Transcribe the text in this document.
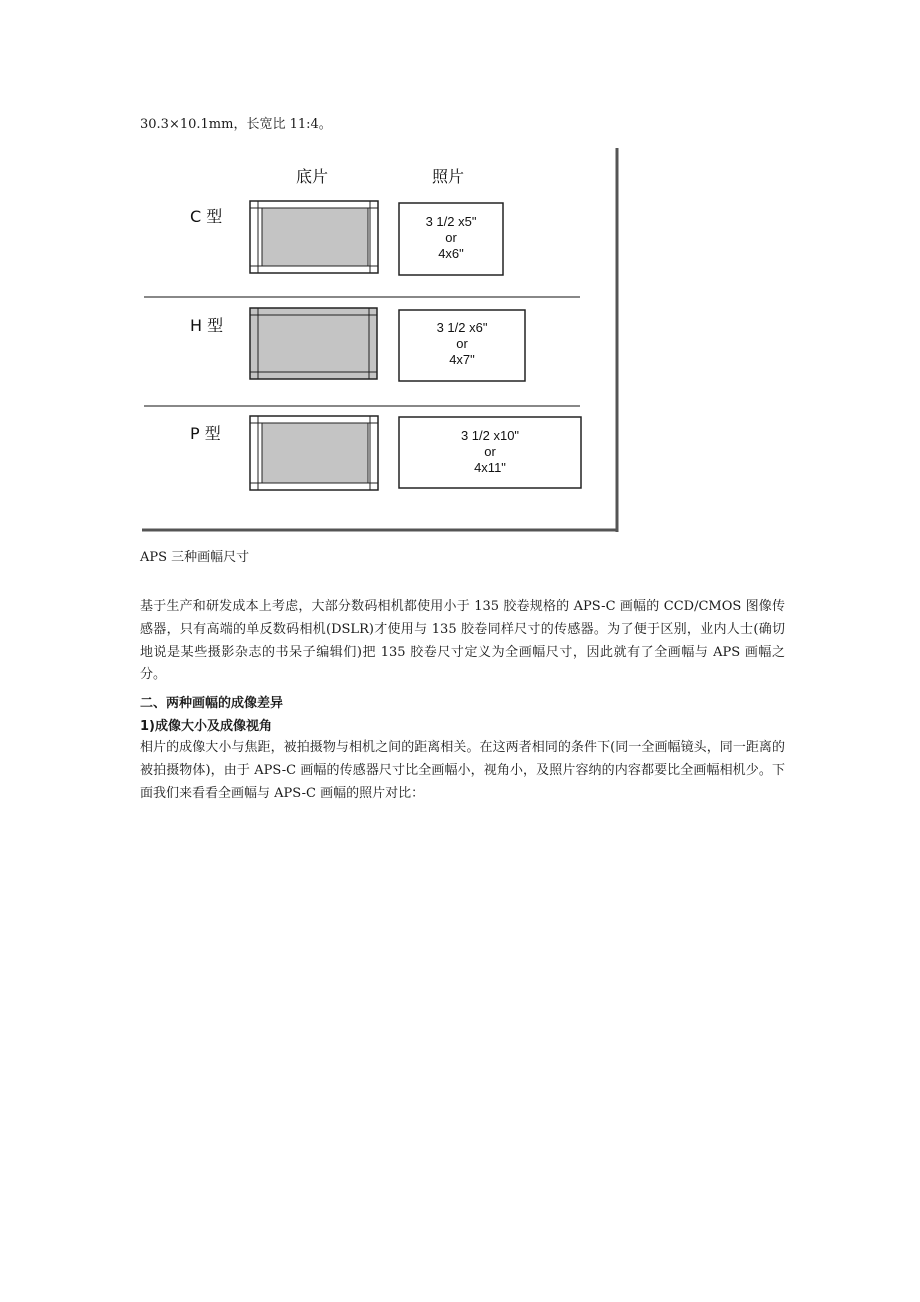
30.3×10.1mm，长宽比 11:4。
底片	照片
C 型	3 1/2 x5"
or
4x6"
H 型	3 1/2 x6"
or
4x7"
P 型	3 1/2 x10"
or
4x11"
APS 三种画幅尺寸
基于生产和研发成本上考虑，大部分数码相机都使用小于 135 胶卷规格的 APS-C 画幅的 CCD/CMOS 图像传感器，只有高端的单反数码相机(DSLR)才使用与 135 胶卷同样尺寸的传感器。为了便于区别，业内人士(确切地说是某些摄影杂志的书呆子编辑们)把 135 胶卷尺寸定义为全画幅尺寸，因此就有了全画幅与 APS 画幅之分。
二、两种画幅的成像差异
1)成像大小及成像视角
相片的成像大小与焦距，被拍摄物与相机之间的距离相关。在这两者相同的条件下(同一全画幅镜头，同一距离的被拍摄物体)，由于 APS-C 画幅的传感器尺寸比全画幅小，视角小，及照片容纳的内容都要比全画幅相机少。下面我们来看看全画幅与 APS-C 画幅的照片对比：
